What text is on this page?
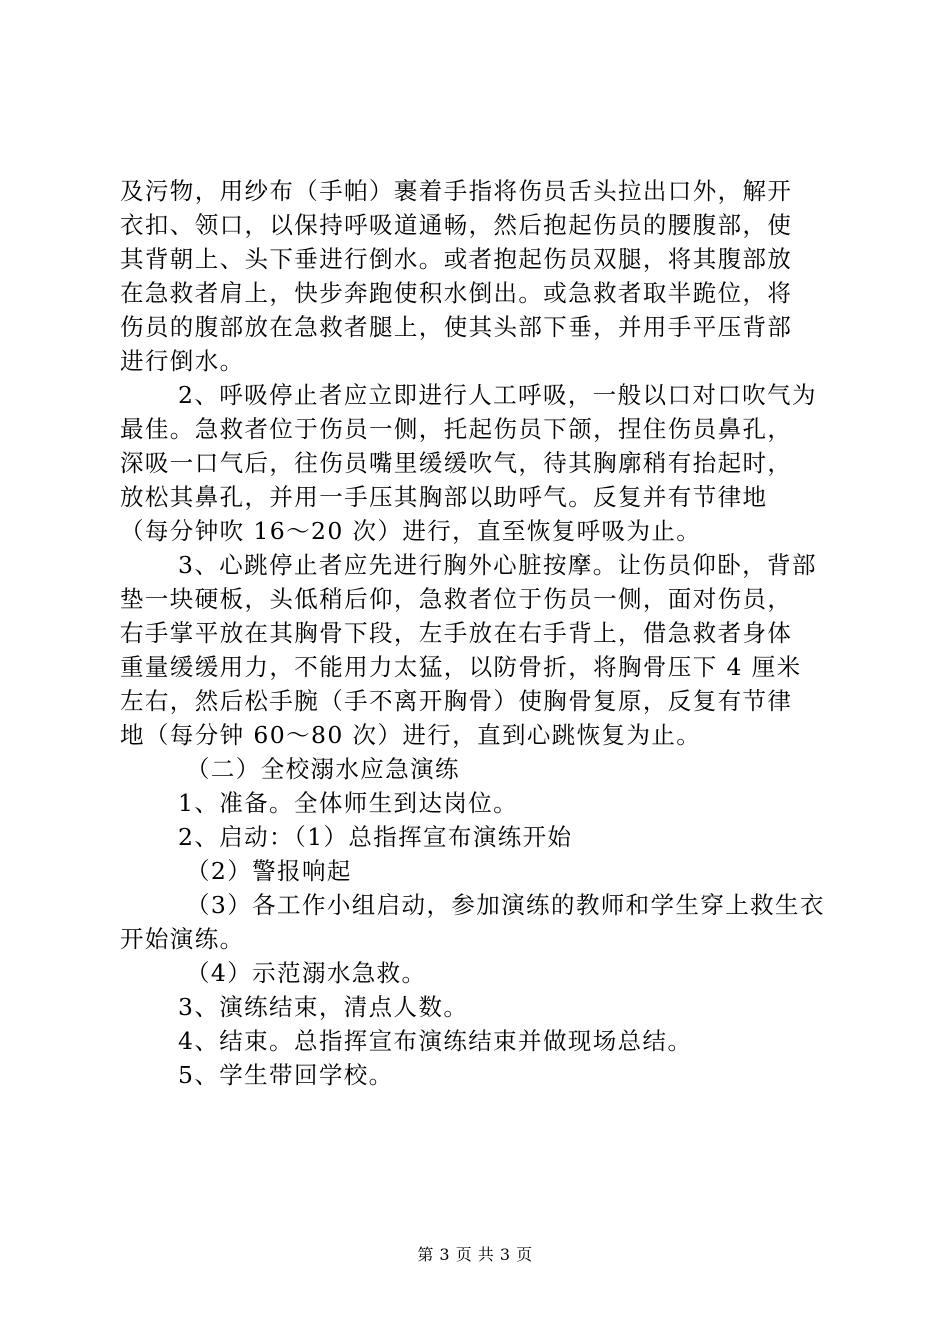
及污物，用纱布（手帕）裹着手指将伤员舌头拉出口外，解开
衣扣、领口，以保持呼吸道通畅，然后抱起伤员的腰腹部，使
其背朝上、头下垂进行倒水。或者抱起伤员双腿，将其腹部放
在急救者肩上，快步奔跑使积水倒出。或急救者取半跪位，将
伤员的腹部放在急救者腿上，使其头部下垂，并用手平压背部
进行倒水。
2、呼吸停止者应立即进行人工呼吸，一般以口对口吹气为
最佳。急救者位于伤员一侧，托起伤员下颌，捏住伤员鼻孔，
深吸一口气后，往伤员嘴里缓缓吹气，待其胸廓稍有抬起时，
放松其鼻孔，并用一手压其胸部以助呼气。反复并有节律地
（每分钟吹 16～20 次）进行，直至恢复呼吸为止。
3、心跳停止者应先进行胸外心脏按摩。让伤员仰卧，背部
垫一块硬板，头低稍后仰，急救者位于伤员一侧，面对伤员，
右手掌平放在其胸骨下段，左手放在右手背上，借急救者身体
重量缓缓用力，不能用力太猛，以防骨折，将胸骨压下 4 厘米
左右，然后松手腕（手不离开胸骨）使胸骨复原，反复有节律
地（每分钟 60～80 次）进行，直到心跳恢复为止。
（二）全校溺水应急演练
1、准备。全体师生到达岗位。
2、启动：（1）总指挥宣布演练开始
（2）警报响起
（3）各工作小组启动，参加演练的教师和学生穿上救生衣
开始演练。
（4）示范溺水急救。
3、演练结束，清点人数。
4、结束。总指挥宣布演练结束并做现场总结。
5、学生带回学校。
第 3 页 共 3 页
